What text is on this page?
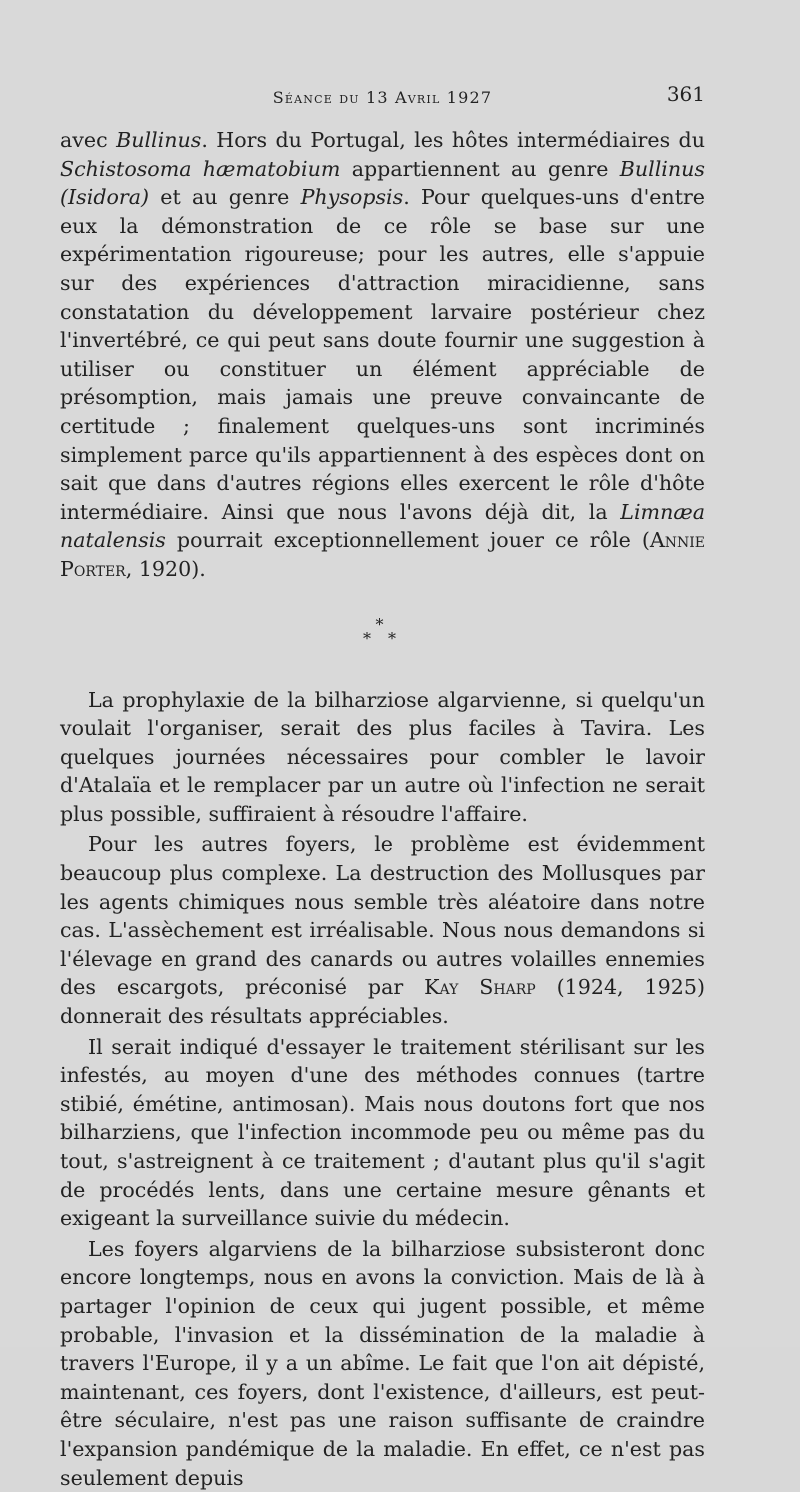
Séance du 13 Avril 1927	361

avec Bullinus. Hors du Portugal, les hôtes intermédiaires du Schistosoma hæmatobium appartiennent au genre Bullinus (Isidora) et au genre Physopsis. Pour quelques-uns d'entre eux la démonstration de ce rôle se base sur une expérimentation rigoureuse; pour les autres, elle s'appuie sur des expériences d'attraction miracidienne, sans constatation du développement larvaire postérieur chez l'invertébré, ce qui peut sans doute fournir une suggestion à utiliser ou constituer un élément appréciable de présomption, mais jamais une preuve convaincante de certitude ; finalement quelques-uns sont incriminés simplement parce qu'ils appartiennent à des espèces dont on sait que dans d'autres régions elles exercent le rôle d'hôte intermédiaire. Ainsi que nous l'avons déjà dit, la Limnæa natalensis pourrait exceptionnellement jouer ce rôle (Annie Porter, 1920).

*
* *

La prophylaxie de la bilharziose algarvienne, si quelqu'un voulait l'organiser, serait des plus faciles à Tavira. Les quelques journées nécessaires pour combler le lavoir d'Atalaïa et le remplacer par un autre où l'infection ne serait plus possible, suffiraient à résoudre l'affaire.

Pour les autres foyers, le problème est évidemment beaucoup plus complexe. La destruction des Mollusques par les agents chimiques nous semble très aléatoire dans notre cas. L'assèchement est irréalisable. Nous nous demandons si l'élevage en grand des canards ou autres volailles ennemies des escargots, préconisé par Kay Sharp (1924, 1925) donnerait des résultats appréciables.

Il serait indiqué d'essayer le traitement stérilisant sur les infestés, au moyen d'une des méthodes connues (tartre stibié, émétine, antimosan). Mais nous doutons fort que nos bilharziens, que l'infection incommode peu ou même pas du tout, s'astreignent à ce traitement ; d'autant plus qu'il s'agit de procédés lents, dans une certaine mesure gênants et exigeant la surveillance suivie du médecin.

Les foyers algarviens de la bilharziose subsisteront donc encore longtemps, nous en avons la conviction. Mais de là à partager l'opinion de ceux qui jugent possible, et même probable, l'invasion et la dissémination de la maladie à travers l'Europe, il y a un abîme. Le fait que l'on ait dépisté, maintenant, ces foyers, dont l'existence, d'ailleurs, est peut-être séculaire, n'est pas une raison suffisante de craindre l'expansion pandémique de la maladie. En effet, ce n'est pas seulement depuis
